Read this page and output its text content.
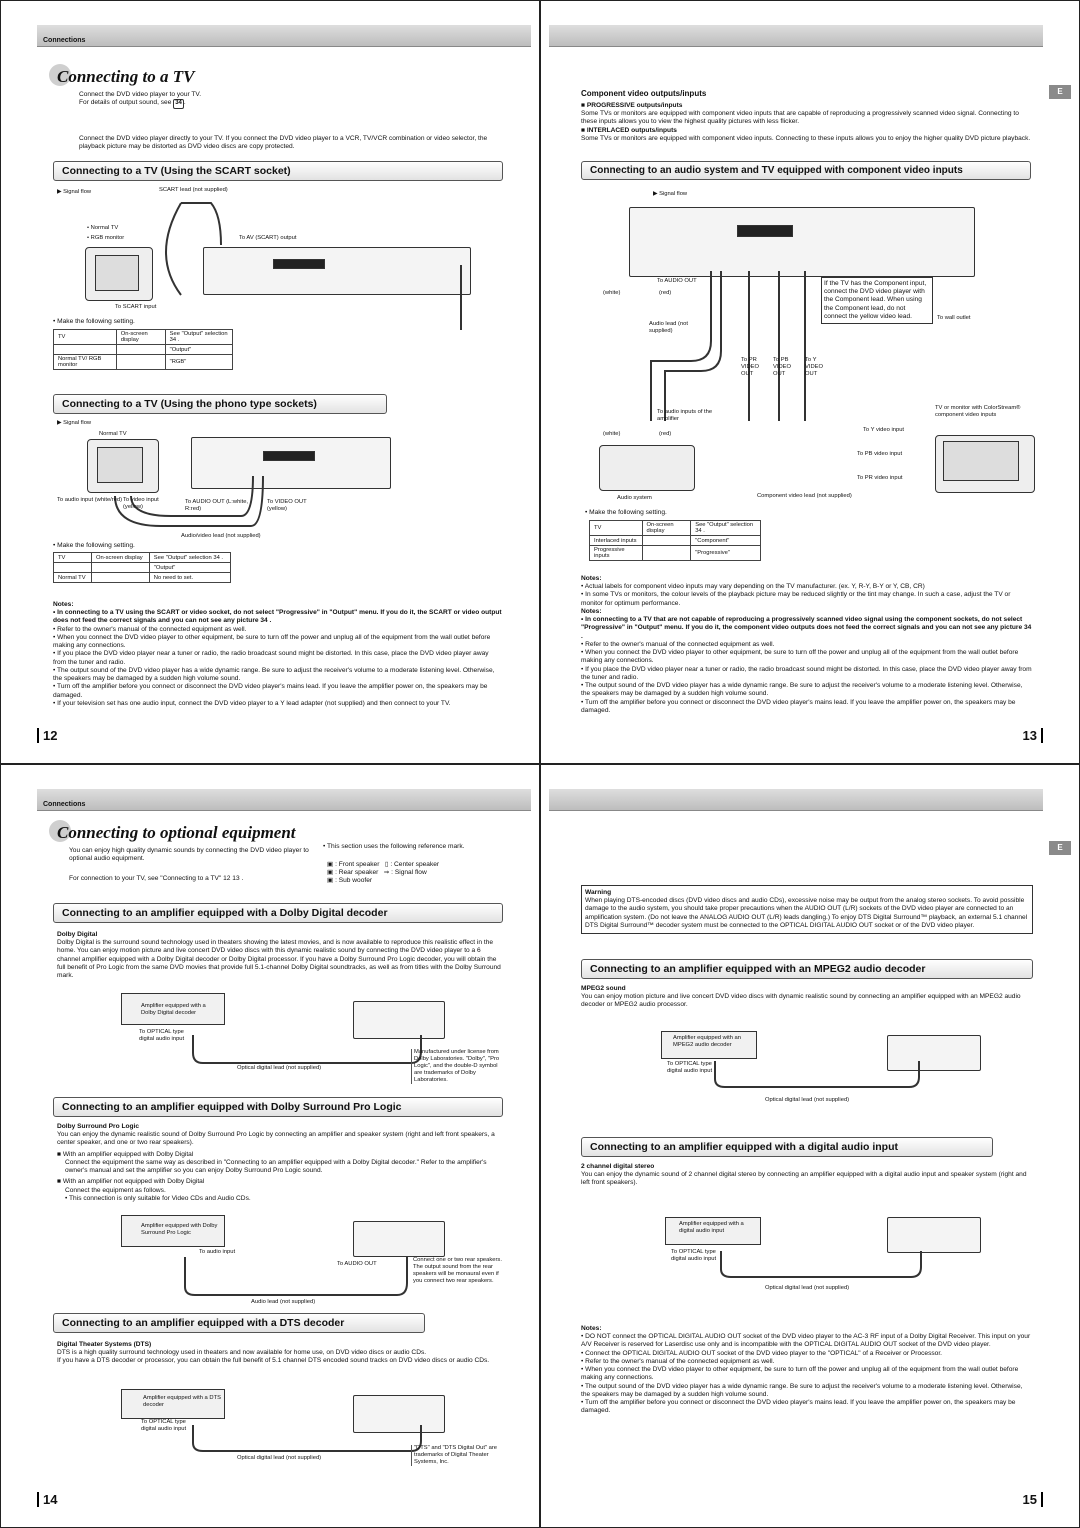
Connections
Connecting to a TV
Connect the DVD video player to your TV.
For details of output sound, see 34 .
Connect the DVD video player directly to your TV. If you connect the DVD video player to a VCR, TV/VCR combination or video selector, the playback picture may be distorted as DVD video discs are copy protected.
Connecting to a TV (Using the SCART socket)
▶ Signal flow	SCART lead (not supplied)
• Normal TV
• RGB monitor	To AV (SCART) output
To SCART input
• Make the following setting.
TV	On-screen display	See "Output" selection 34 .
		"Output"
Normal TV/ RGB monitor		"RGB"
Connecting to a TV (Using the phono type sockets)
▶ Signal flow
Normal TV
To audio input (white/red) To video input (yellow)
To AUDIO OUT (L:white, R:red)
To VIDEO OUT (yellow)
Audio/video lead (not supplied)
• Make the following setting.
TV	On-screen display	See "Output" selection 34 .
		"Output"
Normal TV		No need to set.
Notes:
• In connecting to a TV using the SCART or video socket, do not select "Progressive" in "Output" menu. If you do it, the SCART or video output does not feed the correct signals and you can not see any picture 34 .
• Refer to the owner's manual of the connected equipment as well.
• When you connect the DVD video player to other equipment, be sure to turn off the power and unplug all of the equipment from the wall outlet before making any connections.
• If you place the DVD video player near a tuner or radio, the radio broadcast sound might be distorted. In this case, place the DVD video player away from the tuner and radio.
• The output sound of the DVD video player has a wide dynamic range. Be sure to adjust the receiver's volume to a moderate listening level. Otherwise, the speakers may be damaged by a sudden high volume sound.
• Turn off the amplifier before you connect or disconnect the DVD video player's mains lead. If you leave the amplifier power on, the speakers may be damaged.
• If your television set has one audio input, connect the DVD video player to a Y lead adapter (not supplied) and then connect to your TV.
12
E
Component video outputs/inputs
■ PROGRESSIVE outputs/inputs
Some TVs or monitors are equipped with component video inputs that are capable of reproducing a progressively scanned video signal. Connecting to these inputs allows you to view the highest quality pictures with less flicker.
■ INTERLACED outputs/inputs
Some TVs or monitors are equipped with component video inputs. Connecting to these inputs allows you to enjoy the higher quality DVD picture playback.
Connecting to an audio system and TV equipped with component video inputs
▶ Signal flow
To AUDIO OUT
(white)	(red)
Audio lead (not supplied)
If the TV has the Component input, connect the DVD video player with the Component lead. When using the Component lead, do not connect the yellow video lead.	To wall outlet
To PR VIDEO OUT
To PB VIDEO OUT
To Y VIDEO OUT
To audio inputs of the amplifier
(white)	(red)
TV or monitor with ColorStream® component video inputs
To Y video input
To PB video input
To PR video input
Audio system	Component video lead (not supplied)
• Make the following setting.
TV	On-screen display	See "Output" selection 34 .
Interlaced inputs		"Component"
Progressive inputs		"Progressive"
Notes:
• Actual labels for component video inputs may vary depending on the TV manufacturer. (ex. Y, R-Y, B-Y or Y, CB, CR)
• In some TVs or monitors, the colour levels of the playback picture may be reduced slightly or the tint may change. In such a case, adjust the TV or monitor for optimum performance.
Notes:
• In connecting to a TV that are not capable of reproducing a progressively scanned video signal using the component sockets, do not select "Progressive" in "Output" menu. If you do it, the component video outputs does not feed the correct signals and you can not see any picture 34 .
• Refer to the owner's manual of the connected equipment as well.
• When you connect the DVD video player to other equipment, be sure to turn off the power and unplug all of the equipment from the wall outlet before making any connections.
• If you place the DVD video player near a tuner or radio, the radio broadcast sound might be distorted. In this case, place the DVD video player away from the tuner and radio.
• The output sound of the DVD video player has a wide dynamic range. Be sure to adjust the receiver's volume to a moderate listening level. Otherwise, the speakers may be damaged by a sudden high volume sound.
• Turn off the amplifier before you connect or disconnect the DVD video player's mains lead. If you leave the amplifier power on, the speakers may be damaged.
13
Connections
Connecting to optional equipment
You can enjoy high quality dynamic sounds by connecting the DVD video player to optional audio equipment.
For connection to your TV, see "Connecting to a TV" 12 13 .
• This section uses the following reference mark.
▣ : Front speaker   ▯ : Center speaker
▣ : Rear speaker   ⇒ : Signal flow
▣ : Sub woofer
Connecting to an amplifier equipped with a Dolby Digital decoder
Dolby Digital
Dolby Digital is the surround sound technology used in theaters showing the latest movies, and is now available to reproduce this realistic effect in the home. You can enjoy motion picture and live concert DVD video discs with this dynamic realistic sound by connecting the DVD video player to a 6 channel amplifier equipped with a Dolby Digital decoder or Dolby Digital processor. If you have a Dolby Surround Pro Logic decoder, you will obtain the full benefit of Pro Logic from the same DVD movies that provide full 5.1-channel Dolby Digital soundtracks, as well as from titles with the Dolby Surround mark.
Amplifier equipped with a Dolby Digital decoder
To OPTICAL type digital audio input
Optical digital lead (not supplied)
Manufactured under license from Dolby Laboratories. "Dolby", "Pro Logic", and the double-D symbol are trademarks of Dolby Laboratories.
Connecting to an amplifier equipped with Dolby Surround Pro Logic
Dolby Surround Pro Logic
You can enjoy the dynamic realistic sound of Dolby Surround Pro Logic by connecting an amplifier and speaker system (right and left front speakers, a center speaker, and one or two rear speakers).
■ With an amplifier equipped with Dolby Digital
Connect the equipment the same way as described in "Connecting to an amplifier equipped with a Dolby Digital decoder." Refer to the amplifier's owner's manual and set the amplifier so you can enjoy Dolby Surround Pro Logic sound.
■ With an amplifier not equipped with Dolby Digital
Connect the equipment as follows.
• This connection is only suitable for Video CDs and Audio CDs.
Amplifier equipped with Dolby Surround Pro Logic
To audio input
To AUDIO OUT
Connect one or two rear speakers. The output sound from the rear speakers will be monaural even if you connect two rear speakers.
Audio lead (not supplied)
Connecting to an amplifier equipped with a DTS decoder
Digital Theater Systems (DTS)
DTS is a high quality surround technology used in theaters and now available for home use, on DVD video discs or audio CDs.
If you have a DTS decoder or processor, you can obtain the full benefit of 5.1 channel DTS encoded sound tracks on DVD video discs or audio CDs.
Amplifier equipped with a DTS decoder
To OPTICAL type digital audio input
Optical digital lead (not supplied)
"DTS" and "DTS Digital Out" are trademarks of Digital Theater Systems, Inc.
14
E
Warning
When playing DTS-encoded discs (DVD video discs and audio CDs), excessive noise may be output from the analog stereo sockets. To avoid possible damage to the audio system, you should take proper precautions when the AUDIO OUT (L/R) sockets of the DVD video player are connected to an amplification system. (Do not leave the ANALOG AUDIO OUT (L/R) leads dangling.) To enjoy DTS Digital Surround™ playback, an external 5.1 channel DTS Digital Surround™ decoder system must be connected to the OPTICAL DIGITAL AUDIO OUT socket or of the DVD video player.
Connecting to an amplifier equipped with an MPEG2 audio decoder
MPEG2 sound
You can enjoy motion picture and live concert DVD video discs with dynamic realistic sound by connecting an amplifier equipped with an MPEG2 audio decoder or MPEG2 audio processor.
Amplifier equipped with an MPEG2 audio decoder
To OPTICAL type digital audio input
Optical digital lead (not supplied)
Connecting to an amplifier equipped with a digital audio input
2 channel digital stereo
You can enjoy the dynamic sound of 2 channel digital stereo by connecting an amplifier equipped with a digital audio input and speaker system (right and left front speakers).
Amplifier equipped with a digital audio input
To OPTICAL type digital audio input
Optical digital lead (not supplied)
Notes:
• DO NOT connect the OPTICAL DIGITAL AUDIO OUT socket of the DVD video player to the AC-3 RF input of a Dolby Digital Receiver. This input on your A/V Receiver is reserved for Laserdisc use only and is incompatible with the OPTICAL DIGITAL AUDIO OUT socket of the DVD video player.
• Connect the OPTICAL DIGITAL AUDIO OUT socket of the DVD video player to the "OPTICAL" of a Receiver or Processor.
• Refer to the owner's manual of the connected equipment as well.
• When you connect the DVD video player to other equipment, be sure to turn off the power and unplug all of the equipment from the wall outlet before making any connections.
• The output sound of the DVD video player has a wide dynamic range. Be sure to adjust the receiver's volume to a moderate listening level. Otherwise, the speakers may be damaged by a sudden high volume sound.
• Turn off the amplifier before you connect or disconnect the DVD video player's mains lead. If you leave the amplifier power on, the speakers may be damaged.
15
